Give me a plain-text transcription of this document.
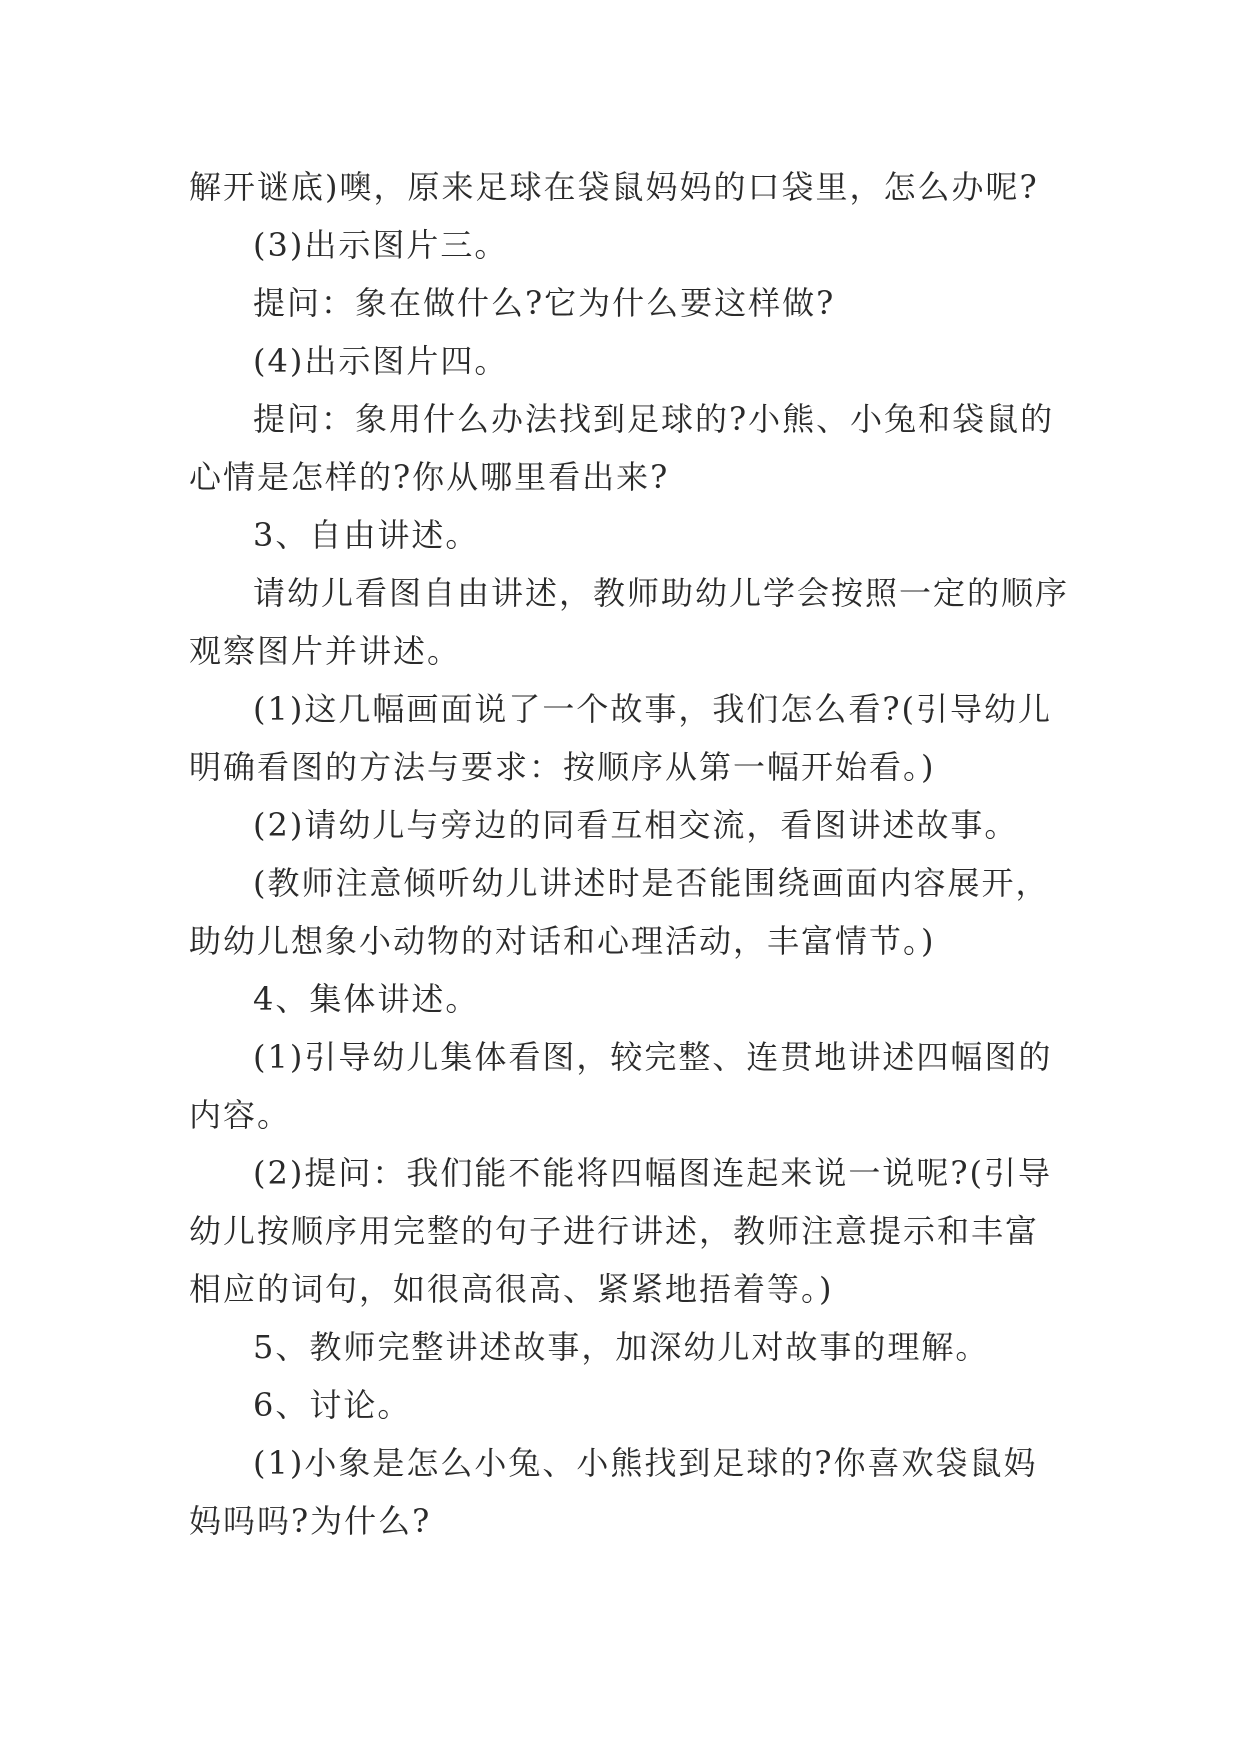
解开谜底)噢，原来足球在袋鼠妈妈的口袋里，怎么办呢?

(3)出示图片三。

提问：象在做什么?它为什么要这样做?

(4)出示图片四。

提问：象用什么办法找到足球的?小熊、小兔和袋鼠的心情是怎样的?你从哪里看出来?

3、自由讲述。

请幼儿看图自由讲述，教师助幼儿学会按照一定的顺序观察图片并讲述。

(1)这几幅画面说了一个故事，我们怎么看?(引导幼儿明确看图的方法与要求：按顺序从第一幅开始看。)

(2)请幼儿与旁边的同看互相交流，看图讲述故事。

(教师注意倾听幼儿讲述时是否能围绕画面内容展开，助幼儿想象小动物的对话和心理活动，丰富情节。)

4、集体讲述。

(1)引导幼儿集体看图，较完整、连贯地讲述四幅图的内容。

(2)提问：我们能不能将四幅图连起来说一说呢?(引导幼儿按顺序用完整的句子进行讲述，教师注意提示和丰富相应的词句，如很高很高、紧紧地捂着等。)

5、教师完整讲述故事，加深幼儿对故事的理解。

6、讨论。

(1)小象是怎么小兔、小熊找到足球的?你喜欢袋鼠妈妈吗吗?为什么?
